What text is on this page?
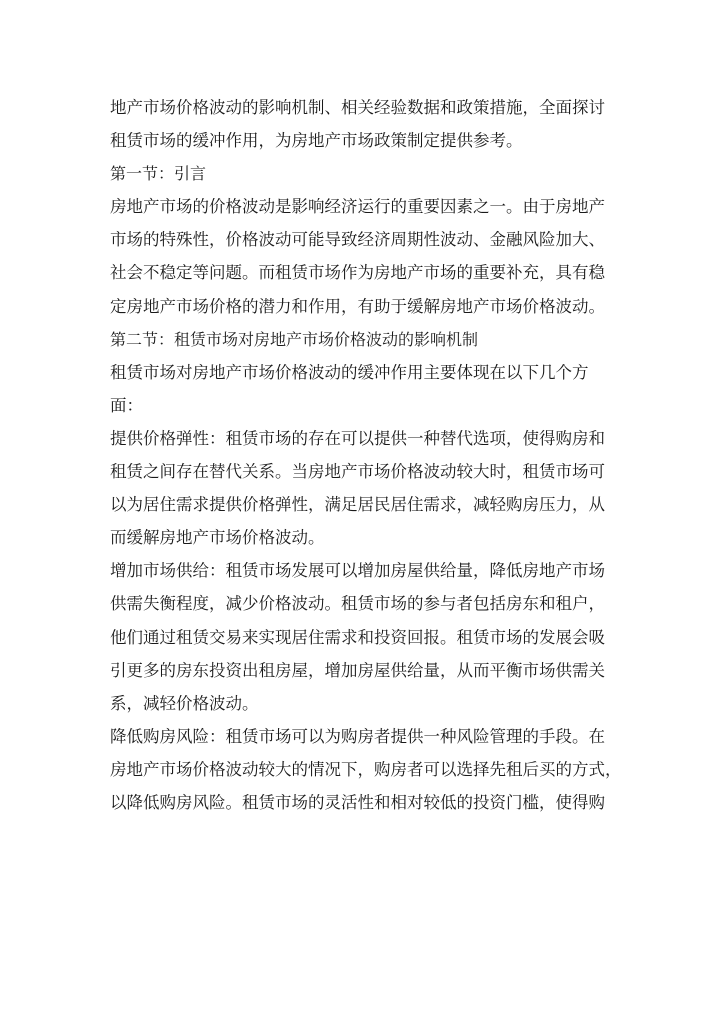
地产市场价格波动的影响机制、相关经验数据和政策措施，全面探讨
租赁市场的缓冲作用，为房地产市场政策制定提供参考。
第一节：引言
房地产市场的价格波动是影响经济运行的重要因素之一。由于房地产
市场的特殊性，价格波动可能导致经济周期性波动、金融风险加大、
社会不稳定等问题。而租赁市场作为房地产市场的重要补充，具有稳
定房地产市场价格的潜力和作用，有助于缓解房地产市场价格波动。
第二节：租赁市场对房地产市场价格波动的影响机制
租赁市场对房地产市场价格波动的缓冲作用主要体现在以下几个方
面：
提供价格弹性：租赁市场的存在可以提供一种替代选项，使得购房和
租赁之间存在替代关系。当房地产市场价格波动较大时，租赁市场可
以为居住需求提供价格弹性，满足居民居住需求，减轻购房压力，从
而缓解房地产市场价格波动。
增加市场供给：租赁市场发展可以增加房屋供给量，降低房地产市场
供需失衡程度，减少价格波动。租赁市场的参与者包括房东和租户，
他们通过租赁交易来实现居住需求和投资回报。租赁市场的发展会吸
引更多的房东投资出租房屋，增加房屋供给量，从而平衡市场供需关
系，减轻价格波动。
降低购房风险：租赁市场可以为购房者提供一种风险管理的手段。在
房地产市场价格波动较大的情况下，购房者可以选择先租后买的方式，
以降低购房风险。租赁市场的灵活性和相对较低的投资门槛，使得购
